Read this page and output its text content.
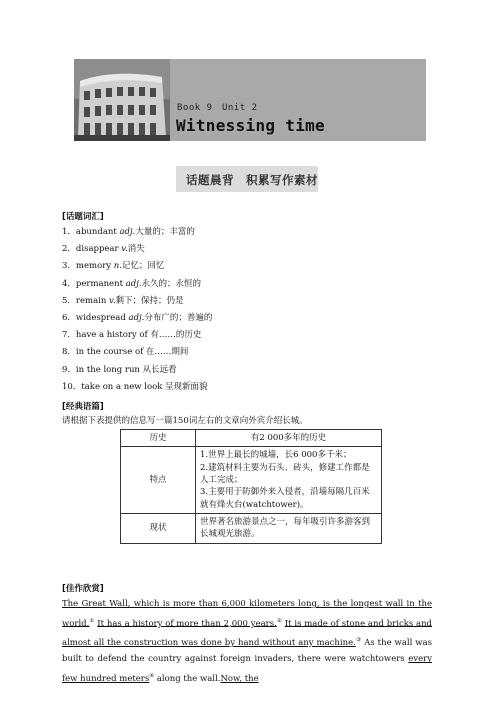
Book 9　Unit 2
Witnessing time
话题晨背　积累写作素材
[话题词汇]
1．abundant adj.大量的；丰富的
2．disappear v.消失
3．memory n.记忆；回忆
4．permanent adj.永久的；永恒的
5．remain v.剩下；保持；仍是
6．widespread adj.分布广的；普遍的
7．have a history of 有……的历史
8．in the course of 在……期间
9．in the long run 从长远看
10．take on a new look 呈现新面貌
[经典语篇]
请根据下表提供的信息写一篇150词左右的文章向外宾介绍长城。
历史	有2 000多年的历史
特点	1.世界上最长的城墙，长6 000多千米；
2.建筑材料主要为石头、砖头，修建工作都是人工完成；
3.主要用于防御外来入侵者，沿墙每隔几百米就有烽火台(watchtower)。

现状	世界著名旅游景点之一，每年吸引许多游客到长城观光旅游。
[佳作欣赏]
The Great Wall, which is more than 6,000 kilometers long, is the longest wall in the world.① It has a history of more than 2,000 years.② It is made of stone and bricks and almost all the construction was done by hand without any machine.③ As the wall was built to defend the country against foreign invaders, there were watchtowers every few hundred meters④ along the wall.Now, the
